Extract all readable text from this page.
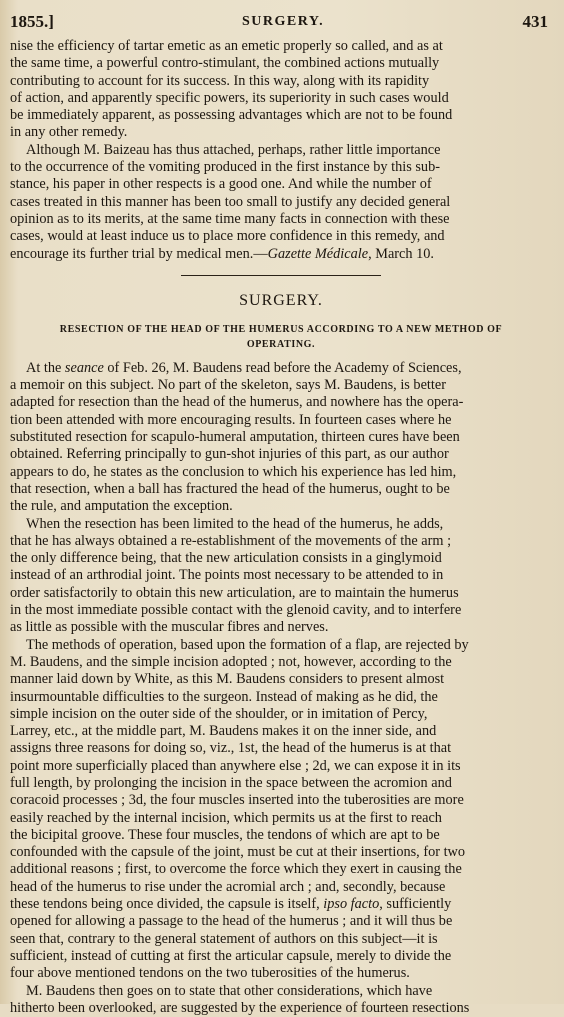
1855.]	SURGERY.	431
nise the efficiency of tartar emetic as an emetic properly so called, and as at
the same time, a powerful contro-stimulant, the combined actions mutually
contributing to account for its success. In this way, along with its rapidity
of action, and apparently specific powers, its superiority in such cases would
be immediately apparent, as possessing advantages which are not to be found
in any other remedy.
Although M. Baizeau has thus attached, perhaps, rather little importance
to the occurrence of the vomiting produced in the first instance by this sub-
stance, his paper in other respects is a good one. And while the number of
cases treated in this manner has been too small to justify any decided general
opinion as to its merits, at the same time many facts in connection with these
cases, would at least induce us to place more confidence in this remedy, and
encourage its further trial by medical men.—Gazette Médicale, March 10.
SURGERY.
RESECTION OF THE HEAD OF THE HUMERUS ACCORDING TO A NEW METHOD OF
OPERATING.
At the seance of Feb. 26, M. Baudens read before the Academy of Sciences,
a memoir on this subject. No part of the skeleton, says M. Baudens, is better
adapted for resection than the head of the humerus, and nowhere has the opera-
tion been attended with more encouraging results. In fourteen cases where he
substituted resection for scapulo-humeral amputation, thirteen cures have been
obtained. Referring principally to gun-shot injuries of this part, as our author
appears to do, he states as the conclusion to which his experience has led him,
that resection, when a ball has fractured the head of the humerus, ought to be
the rule, and amputation the exception.
When the resection has been limited to the head of the humerus, he adds,
that he has always obtained a re-establishment of the movements of the arm ;
the only difference being, that the new articulation consists in a ginglymoid
instead of an arthrodial joint. The points most necessary to be attended to in
order satisfactorily to obtain this new articulation, are to maintain the humerus
in the most immediate possible contact with the glenoid cavity, and to interfere
as little as possible with the muscular fibres and nerves.
The methods of operation, based upon the formation of a flap, are rejected by
M. Baudens, and the simple incision adopted ; not, however, according to the
manner laid down by White, as this M. Baudens considers to present almost
insurmountable difficulties to the surgeon. Instead of making as he did, the
simple incision on the outer side of the shoulder, or in imitation of Percy,
Larrey, etc., at the middle part, M. Baudens makes it on the inner side, and
assigns three reasons for doing so, viz., 1st, the head of the humerus is at that
point more superficially placed than anywhere else ; 2d, we can expose it in its
full length, by prolonging the incision in the space between the acromion and
coracoid processes ; 3d, the four muscles inserted into the tuberosities are more
easily reached by the internal incision, which permits us at the first to reach
the bicipital groove. These four muscles, the tendons of which are apt to be
confounded with the capsule of the joint, must be cut at their insertions, for two
additional reasons ; first, to overcome the force which they exert in causing the
head of the humerus to rise under the acromial arch ; and, secondly, because
these tendons being once divided, the capsule is itself, ipso facto, sufficiently
opened for allowing a passage to the head of the humerus ; and it will thus be
seen that, contrary to the general statement of authors on this subject—it is
sufficient, instead of cutting at first the articular capsule, merely to divide the
four above mentioned tendons on the two tuberosities of the humerus.
M. Baudens then goes on to state that other considerations, which have
hitherto been overlooked, are suggested by the experience of fourteen resections
